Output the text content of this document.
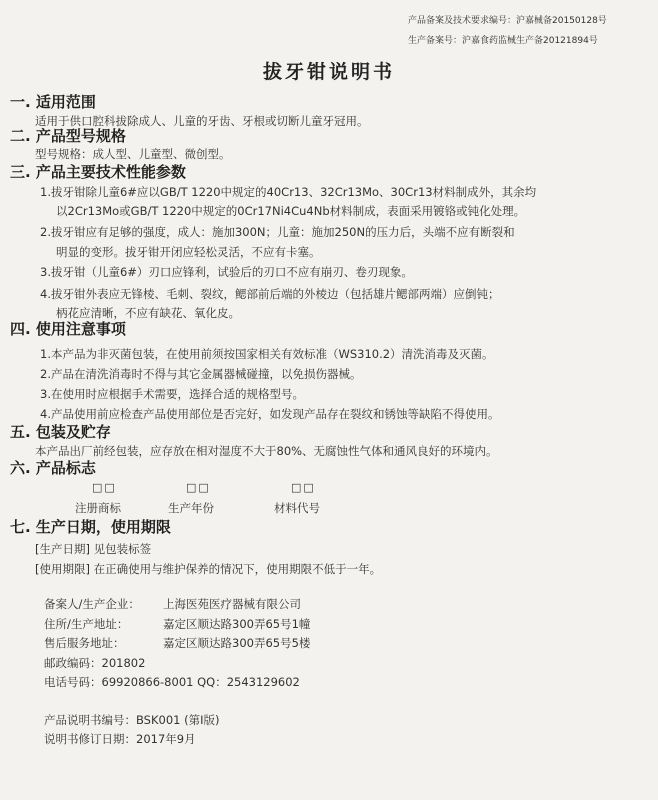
产品备案及技术要求编号：沪嘉械备20150128号
生产备案号：沪嘉食药监械生产备20121894号
拔牙钳说明书
一. 适用范围
适用于供口腔科拔除成人、儿童的牙齿、牙根或切断儿童牙冠用。
二. 产品型号规格
型号规格：成人型、儿童型、微创型。
三. 产品主要技术性能参数
1.拔牙钳除儿童6#应以GB/T 1220中规定的40Cr13、32Cr13Mo、30Cr13材料制成外，其余均
以2Cr13Mo或GB/T 1220中规定的0Cr17Ni4Cu4Nb材料制成，表面采用镀铬或钝化处理。
2.拔牙钳应有足够的强度，成人：施加300N；儿童：施加250N的压力后，头端不应有断裂和
明显的变形。拔牙钳开闭应轻松灵活，不应有卡塞。
3.拔牙钳（儿童6#）刃口应锋利，试验后的刃口不应有崩刃、卷刃现象。
4.拔牙钳外表应无锋棱、毛刺、裂纹，鳃部前后端的外棱边（包括雄片鳃部两端）应倒钝；
柄花应清晰，不应有缺花、氧化皮。
四. 使用注意事项
1.本产品为非灭菌包装，在使用前须按国家相关有效标准（WS310.2）清洗消毒及灭菌。
2.产品在清洗消毒时不得与其它金属器械碰撞，以免损伤器械。
3.在使用时应根据手术需要，选择合适的规格型号。
4.产品使用前应检查产品使用部位是否完好，如发现产品存在裂纹和锈蚀等缺陷不得使用。
五. 包装及贮存
本产品出厂前经包装，应存放在相对湿度不大于80%、无腐蚀性气体和通风良好的环境内。
六. 产品标志
□□	□□	□□
注册商标	生产年份	材料代号
七. 生产日期，使用期限
[生产日期] 见包装标签
[使用期限] 在正确使用与维护保养的情况下，使用期限不低于一年。
备案人/生产企业： 上海医苑医疗器械有限公司
住所/生产地址：	嘉定区顺达路300弄65号1幢
售后服务地址：	嘉定区顺达路300弄65号5楼
邮政编码：201802
电话号码：69920866-8001 QQ：2543129602
产品说明书编号：BSK001 (第I版)
说明书修订日期：2017年9月
